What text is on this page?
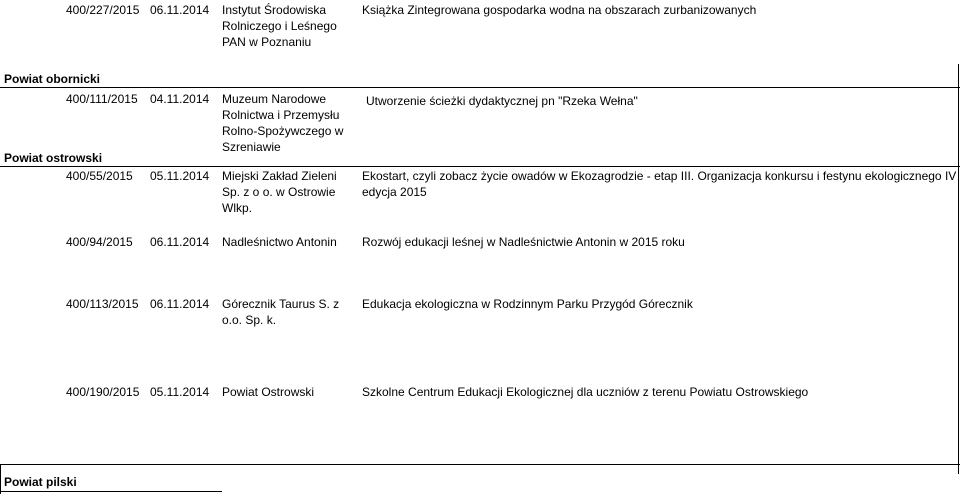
400/227/2015 06.11.2014 Instytut Środowiska Rolniczego i Leśnego PAN w Poznaniu
Książka Zintegrowana gospodarka wodna na obszarach zurbanizowanych
Powiat obornicki
400/111/2015 04.11.2014 Muzeum Narodowe Rolnictwa i Przemysłu Rolno-Spożywczego w Szreniawie
Utworzenie ścieżki dydaktycznej pn "Rzeka Wełna"
Powiat ostrowski
400/55/2015 05.11.2014 Miejski Zakład Zieleni Sp. z o o. w Ostrowie Wlkp.
Ekostart, czyli zobacz życie owadów w Ekozagrodzie - etap III. Organizacja konkursu i festynu ekologicznego IV edycja 2015
400/94/2015 06.11.2014 Nadleśnictwo Antonin Rozwój edukacji leśnej w Nadleśnictwie Antonin w 2015 roku
400/113/2015 06.11.2014 Górecznik Taurus S. z o.o. Sp. k.
Edukacja ekologiczna w Rodzinnym Parku Przygód Górecznik
400/190/2015 05.11.2014 Powiat Ostrowski	Szkolne Centrum Edukacji Ekologicznej dla uczniów z terenu Powiatu Ostrowskiego
Powiat pilski
